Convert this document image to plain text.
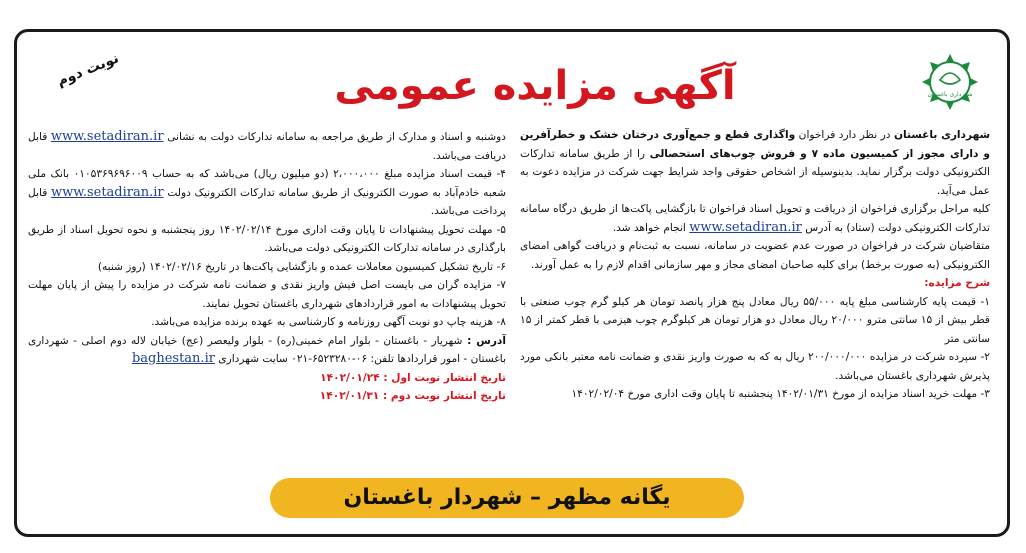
نوبت دوم	آگهی مزایده عمومی	شهرداری باغستان

شهرداری باغستان در نظر دارد فراخوان واگذاری قطع و جمع‌آوری درختان خشک و خطرآفرین و دارای مجوز از کمیسیون ماده ۷ و فروش چوب‌های استحصالی را از طریق سامانه تدارکات الکترونیکی دولت برگزار نماید. بدینوسیله از اشخاص حقوقی واجد شرایط جهت شرکت در مزایده دعوت به عمل می‌آید.

کلیه مراحل برگزاری فراخوان از دریافت و تحویل اسناد فراخوان تا بازگشایی پاکت‌ها از طریق درگاه سامانه تدارکات الکترونیکی دولت (ستاد) به آدرس www.setadiran.ir انجام خواهد شد.

متقاضیان شرکت در فراخوان در صورت عدم عضویت در سامانه، نسبت به ثبت‌نام و دریافت گواهی امضای الکترونیکی (به صورت برخط) برای کلیه صاحبان امضای مجاز و مهر سازمانی اقدام لازم را به عمل آورند.

شرح مزایده:

۱- قیمت پایه کارشناسی مبلغ پایه ۵۵/۰۰۰ ریال معادل پنج هزار پانصد تومان هر کیلو گرم چوب صنعتی با قطر بیش از ۱۵ سانتی مترو ۲۰/۰۰۰ ریال معادل دو هزار تومان هر کیلوگرم چوب هیزمی با قطر کمتر از ۱۵ سانتی متر

۲- سپرده شرکت در مزایده ۲۰۰/۰۰۰/۰۰۰ ریال به که به صورت واریز نقدی و ضمانت نامه معتبر بانکی مورد پذیرش شهرداری باغستان می‌باشد.

۳- مهلت خرید اسناد مزایده از مورخ ۱۴۰۲/۰۱/۳۱ پنجشنبه تا پایان وقت اداری مورخ ۱۴۰۲/۰۲/۰۴

دوشنبه و اسناد و مدارک از طریق مراجعه به سامانه تدارکات دولت به نشانی www.setadiran.ir قابل دریافت می‌باشد.

۴- قیمت اسناد مزایده مبلغ ۲،۰۰۰،۰۰۰ (دو میلیون ریال) می‌باشد که به حساب ۰۱۰۵۳۶۹۶۹۶۰۰۹ بانک ملی شعبه خادم‌آباد به صورت الکترونیک از طریق سامانه تدارکات الکترونیک دولت www.setadiran.ir قابل پرداخت می‌باشد.

۵- مهلت تحویل پیشنهادات تا پایان وقت اداری مورخ ۱۴۰۲/۰۲/۱۴ روز پنجشنبه و نحوه تحویل اسناد از طریق بارگذاری در سامانه تدارکات الکترونیکی دولت می‌باشد.

۶- تاریخ تشکیل کمیسیون معاملات عمده و بازگشایی پاکت‌ها در تاریخ ۱۴۰۲/۰۲/۱۶ (روز شنبه)

۷- مزایده گران می بایست اصل فیش واریز نقدی و ضمانت نامه شرکت در مزایده را پیش از پایان مهلت تحویل پیشنهادات به امور قراردادهای شهرداری باغستان تحویل نمایند.

۸- هزینه چاپ دو نوبت آگهی روزنامه و کارشناسی به عهده برنده مزایده می‌باشد.

آدرس : شهریار - باغستان - بلوار امام خمینی(ره) - بلوار ولیعصر (عج) خیابان لاله دوم اصلی - شهرداری باغستان - امور قراردادها تلفن: ۰۶-۶۵۲۳۲۸۰-۰۲۱ سایت شهرداری baghestan.ir

تاریخ انتشار نوبت اول : ۱۴۰۲/۰۱/۲۴

تاریخ انتشار نوبت دوم : ۱۴۰۲/۰۱/۳۱

یگانه مظهر – شهردار باغستان
